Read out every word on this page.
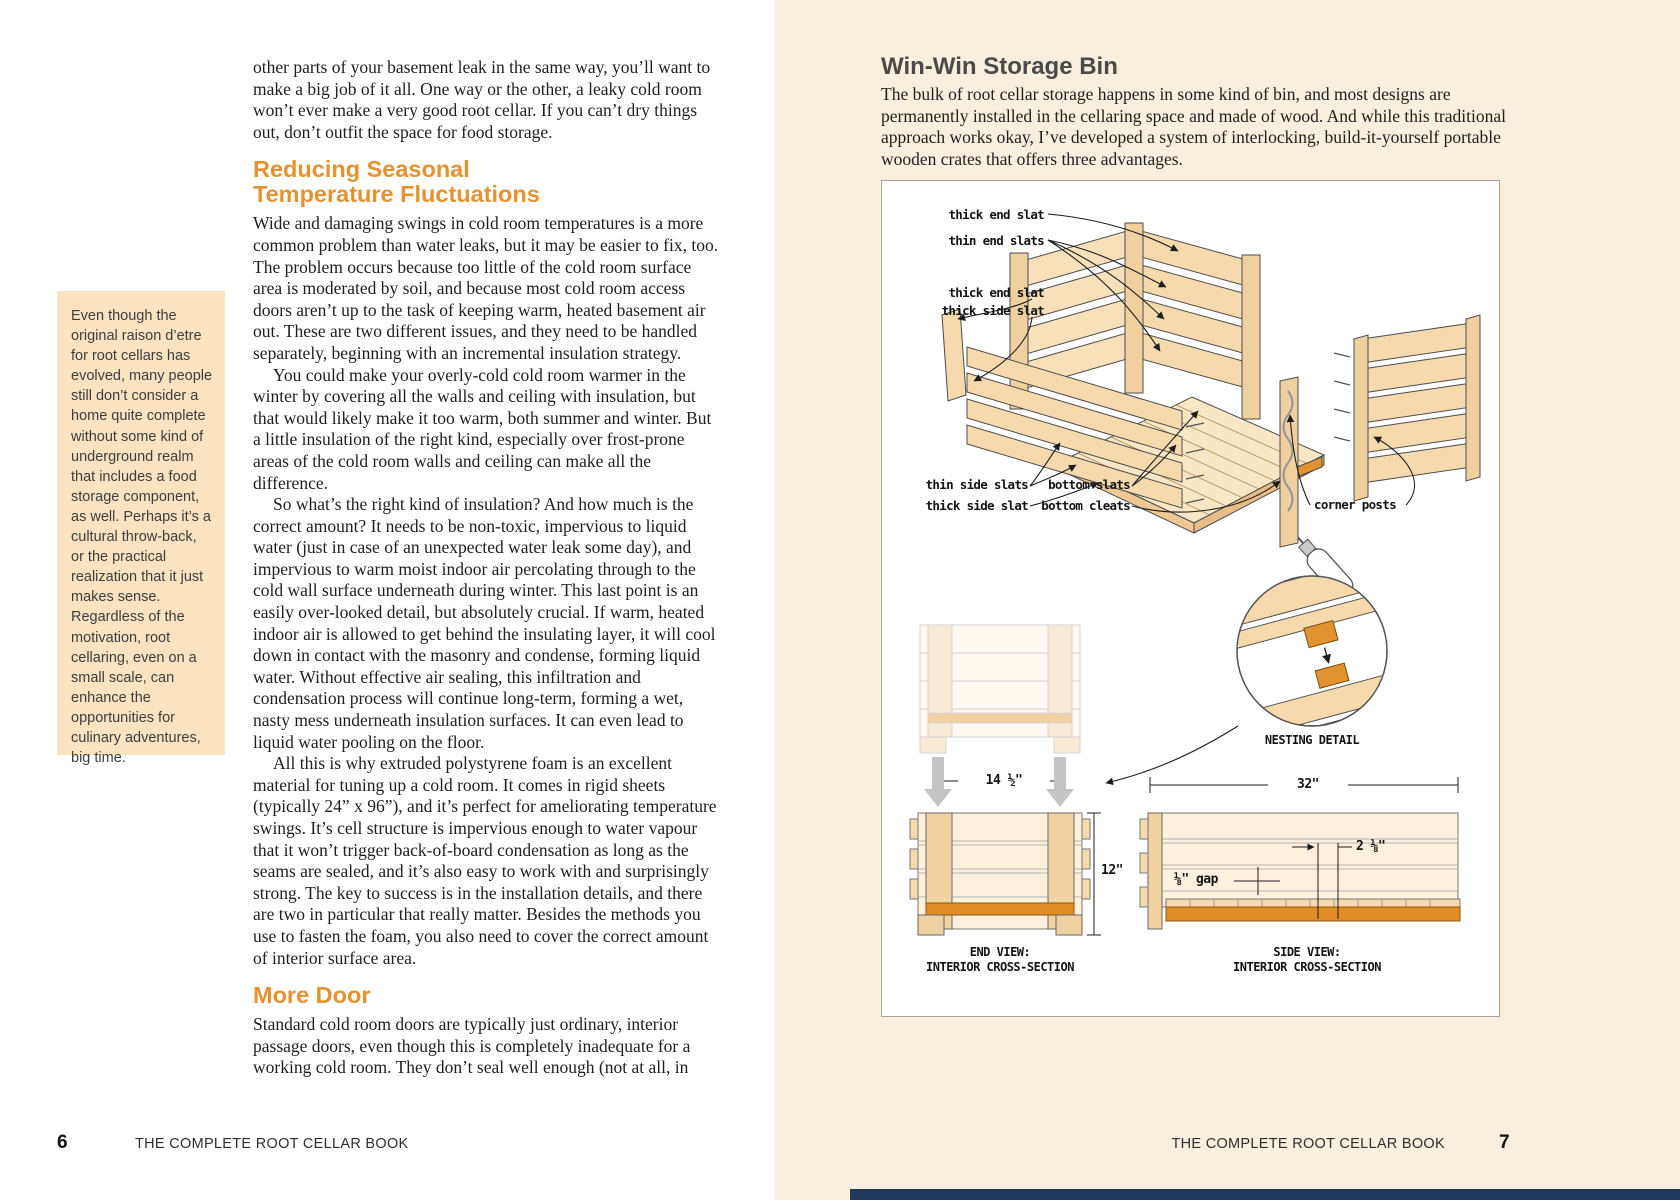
other parts of your basement leak in the same way, you’ll want to make a big job of it all. One way or the other, a leaky cold room won’t ever make a very good root cellar. If you can’t dry things out, don’t outfit the space for food storage.

Reducing Seasonal Temperature Fluctuations

Wide and damaging swings in cold room temperatures is a more common problem than water leaks, but it may be easier to fix, too. The problem occurs because too little of the cold room surface area is moderated by soil, and because most cold room access doors aren’t up to the task of keeping warm, heated basement air out. These are two different issues, and they need to be handled separately, beginning with an incremental insulation strategy.

You could make your overly-cold cold room warmer in the winter by covering all the walls and ceiling with insulation, but that would likely make it too warm, both summer and winter. But a little insulation of the right kind, especially over frost-prone areas of the cold room walls and ceiling can make all the difference.

So what’s the right kind of insulation? And how much is the correct amount? It needs to be non-toxic, impervious to liquid water (just in case of an unexpected water leak some day), and impervious to warm moist indoor air percolating through to the cold wall surface underneath during winter. This last point is an easily over-looked detail, but absolutely crucial. If warm, heated indoor air is allowed to get behind the insulating layer, it will cool down in contact with the masonry and condense, forming liquid water. Without effective air sealing, this infiltration and condensation process will continue long-term, forming a wet, nasty mess underneath insulation surfaces. It can even lead to liquid water pooling on the floor.

All this is why extruded polystyrene foam is an excellent material for tuning up a cold room. It comes in rigid sheets (typically 24” x 96”), and it’s perfect for ameliorating temperature swings. It’s cell structure is impervious enough to water vapour that it won’t trigger back-of-board condensation as long as the seams are sealed, and it’s also easy to work with and surprisingly strong. The key to success is in the installation details, and there are two in particular that really matter. Besides the methods you use to fasten the foam, you also need to cover the correct amount of interior surface area.

More Door

Standard cold room doors are typically just ordinary, interior passage doors, even though this is completely inadequate for a working cold room. They don’t seal well enough (not at all, in

Even though the original raison d’etre for root cellars has evolved, many people still don’t consider a home quite complete without some kind of underground realm that includes a food storage component, as well. Perhaps it’s a cultural throw-back, or the practical realization that it just makes sense. Regardless of the motivation, root cellaring, even on a small scale, can enhance the opportunities for culinary adventures, big time.
6	THE COMPLETE ROOT CELLAR BOOK
Win-Win Storage Bin

The bulk of root cellar storage happens in some kind of bin, and most designs are permanently installed in the cellaring space and made of wood. And while this traditional approach works okay, I’ve developed a system of interlocking, build-it-yourself portable wooden crates that offers three advantages.

thick end slat
thin end slats
thick end slat
thick side slat
thin side slats
thick side slat
bottom slats
bottom cleats	corner posts
14 ½"
12"
32"
2 ⅛"
⅛" gap
NESTING DETAIL
END VIEW:
INTERIOR CROSS-SECTION
SIDE VIEW:
INTERIOR CROSS-SECTION
THE COMPLETE ROOT CELLAR BOOK	7
